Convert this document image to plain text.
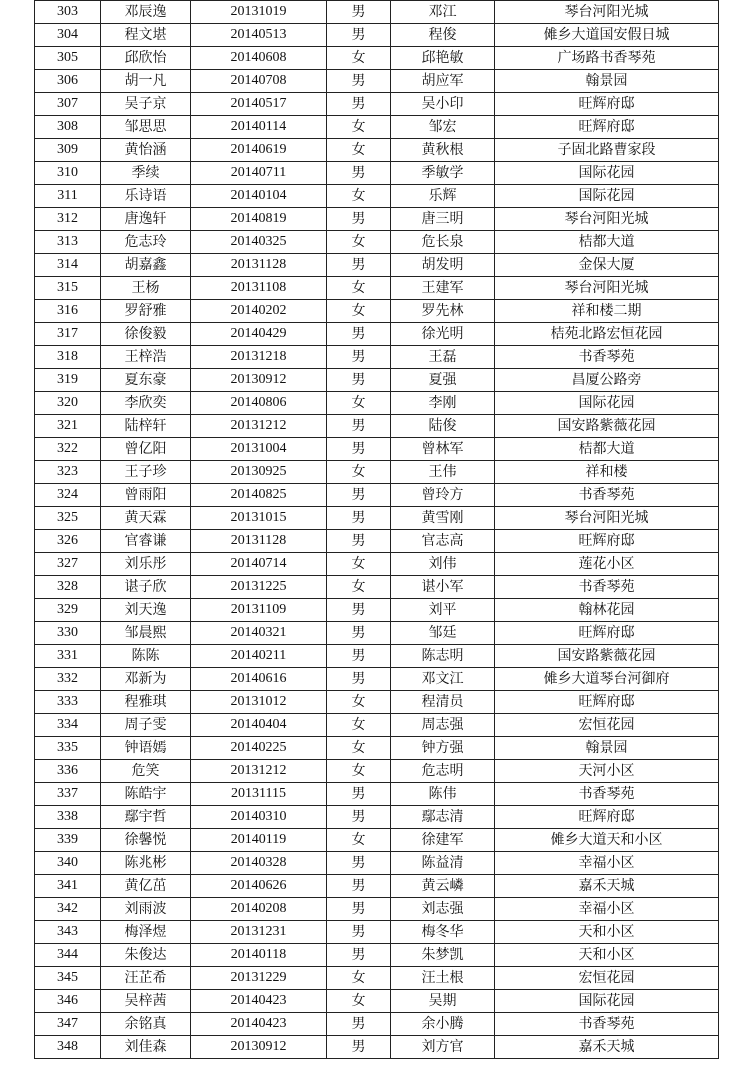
303	邓辰逸	20131019	男	邓江	琴台河阳光城
304	程文堪	20140513	男	程俊	傩乡大道国安假日城
305	邱欣怡	20140608	女	邱艳敏	广场路书香琴苑
306	胡一凡	20140708	男	胡应军	翰景园
307	吴子京	20140517	男	吴小印	旺辉府邸
308	邹思思	20140114	女	邹宏	旺辉府邸
309	黄怡涵	20140619	女	黄秋根	子固北路曹家段
310	季续	20140711	男	季敏学	国际花园
311	乐诗语	20140104	女	乐辉	国际花园
312	唐逸轩	20140819	男	唐三明	琴台河阳光城
313	危志玲	20140325	女	危长泉	桔都大道
314	胡嘉鑫	20131128	男	胡发明	金保大厦
315	王杨	20131108	女	王建军	琴台河阳光城
316	罗舒雅	20140202	女	罗先林	祥和楼二期
317	徐俊毅	20140429	男	徐光明	桔苑北路宏恒花园
318	王梓浩	20131218	男	王磊	书香琴苑
319	夏东豪	20130912	男	夏强	昌厦公路旁
320	李欣奕	20140806	女	李刚	国际花园
321	陆梓轩	20131212	男	陆俊	国安路紫薇花园
322	曾亿阳	20131004	男	曾林军	桔都大道
323	王子珍	20130925	女	王伟	祥和楼
324	曾雨阳	20140825	男	曾玲方	书香琴苑
325	黄天霖	20131015	男	黄雪刚	琴台河阳光城
326	官睿谦	20131128	男	官志高	旺辉府邸
327	刘乐彤	20140714	女	刘伟	莲花小区
328	谌子欣	20131225	女	谌小军	书香琴苑
329	刘天逸	20131109	男	刘平	翰林花园
330	邹晨熙	20140321	男	邹廷	旺辉府邸
331	陈陈	20140211	男	陈志明	国安路紫薇花园
332	邓新为	20140616	男	邓文江	傩乡大道琴台河御府
333	程雅琪	20131012	女	程清员	旺辉府邸
334	周子雯	20140404	女	周志强	宏恒花园
335	钟语嫣	20140225	女	钟方强	翰景园
336	危笑	20131212	女	危志明	天河小区
337	陈皓宇	20131115	男	陈伟	书香琴苑
338	鄢宇哲	20140310	男	鄢志清	旺辉府邸
339	徐馨悦	20140119	女	徐建军	傩乡大道天和小区
340	陈兆彬	20140328	男	陈益清	幸福小区
341	黄亿茁	20140626	男	黄云嶙	嘉禾天城
342	刘雨波	20140208	男	刘志强	幸福小区
343	梅泽煜	20131231	男	梅冬华	天和小区
344	朱俊达	20140118	男	朱梦凯	天和小区
345	汪芷希	20131229	女	汪土根	宏恒花园
346	吴梓茜	20140423	女	吴期	国际花园
347	余铭真	20140423	男	余小腾	书香琴苑
348	刘佳森	20130912	男	刘方官	嘉禾天城
